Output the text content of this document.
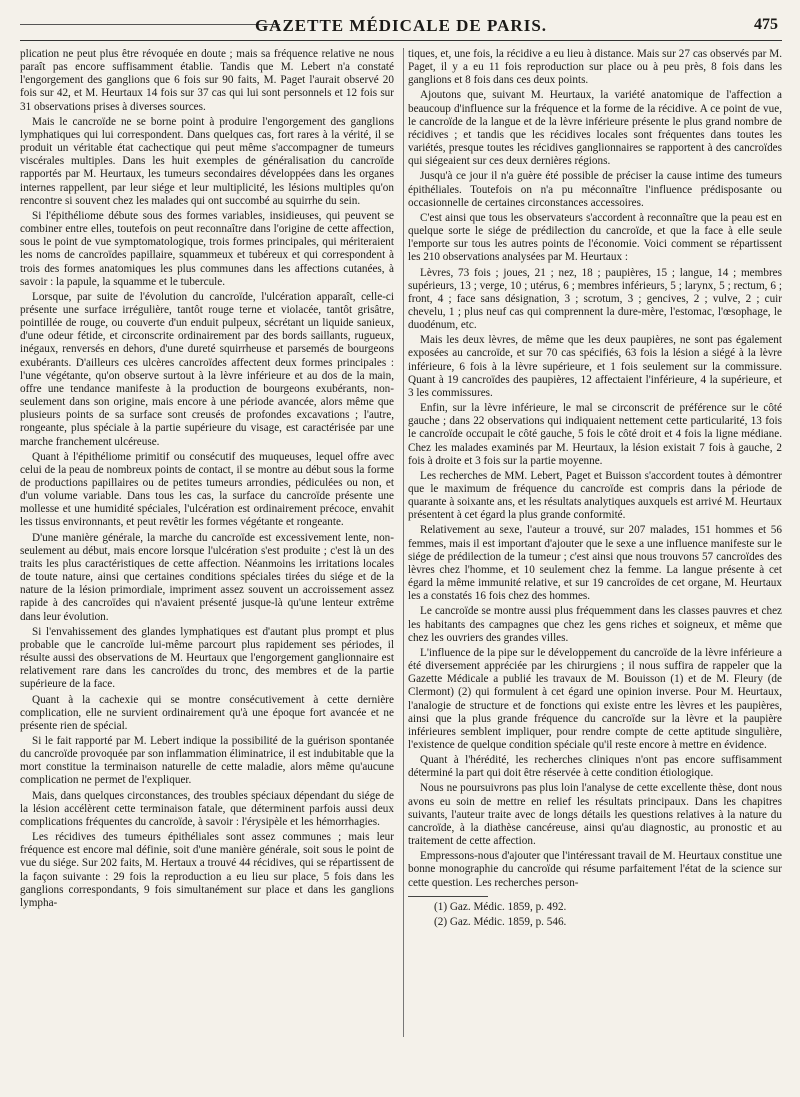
GAZETTE MÉDICALE DE PARIS.	475

plication ne peut plus être révoquée en doute ; mais sa fréquence relative ne nous paraît pas encore suffisamment établie. Tandis que M. Lebert n'a constaté l'engorgement des ganglions que 6 fois sur 90 faits, M. Paget l'aurait observé 20 fois sur 42, et M. Heurtaux 14 fois sur 37 cas qui lui sont personnels et 12 fois sur 31 observations prises à diverses sources.

Mais le cancroïde ne se borne point à produire l'engorgement des ganglions lymphatiques qui lui correspondent. Dans quelques cas, fort rares à la vérité, il se produit un véritable état cachectique qui peut même s'accompagner de tumeurs viscérales multiples. Dans les huit exemples de généralisation du cancroïde rapportés par M. Heurtaux, les tumeurs secondaires développées dans les organes internes rappellent, par leur siége et leur multiplicité, les lésions multiples qu'on rencontre si souvent chez les malades qui ont succombé au squirrhe du sein.

Si l'épithéliome débute sous des formes variables, insidieuses, qui peuvent se combiner entre elles, toutefois on peut reconnaître dans l'origine de cette affection, sous le point de vue symptomatologique, trois formes principales, qui mériteraient les noms de cancroïdes papillaire, squammeux et tubéreux et qui correspondent à trois des formes anatomiques les plus communes dans les affections cutanées, à savoir : la papule, la squamme et le tubercule.

Lorsque, par suite de l'évolution du cancroïde, l'ulcération apparaît, celle-ci présente une surface irrégulière, tantôt rouge terne et violacée, tantôt grisâtre, pointillée de rouge, ou couverte d'un enduit pulpeux, sécrétant un liquide sanieux, d'une odeur fétide, et circonscrite ordinairement par des bords saillants, rugueux, inégaux, renversés en dehors, d'une dureté squirrheuse et parsemés de bourgeons exubérants. D'ailleurs ces ulcères cancroïdes affectent deux formes principales : l'une végétante, qu'on observe surtout à la lèvre inférieure et au dos de la main, offre une tendance manifeste à la production de bourgeons exubérants, non-seulement dans son origine, mais encore à une période avancée, alors même que plusieurs points de sa surface sont creusés de profondes excavations ; l'autre, rongeante, plus spéciale à la partie supérieure du visage, est caractérisée par une marche franchement ulcéreuse.

Quant à l'épithéliome primitif ou consécutif des muqueuses, lequel offre avec celui de la peau de nombreux points de contact, il se montre au début sous la forme de productions papillaires ou de petites tumeurs arrondies, pédiculées ou non, et d'un volume variable. Dans tous les cas, la surface du cancroïde présente une mollesse et une humidité spéciales, l'ulcération est ordinairement précoce, envahit les tissus environnants, et peut revêtir les formes végétante et rongeante.

D'une manière générale, la marche du cancroïde est excessivement lente, non-seulement au début, mais encore lorsque l'ulcération s'est produite ; c'est là un des traits les plus caractéristiques de cette affection. Néanmoins les irritations locales de toute nature, ainsi que certaines conditions spéciales tirées du siége et de la nature de la lésion primordiale, impriment assez souvent un accroissement assez rapide à des cancroïdes qui n'avaient présenté jusque-là qu'une lenteur extrême dans leur évolution.

Si l'envahissement des glandes lymphatiques est d'autant plus prompt et plus probable que le cancroïde lui-même parcourt plus rapidement ses périodes, il résulte aussi des observations de M. Heurtaux que l'engorgement ganglionnaire est relativement rare dans les cancroïdes du tronc, des membres et de la partie supérieure de la face.

Quant à la cachexie qui se montre consécutivement à cette dernière complication, elle ne survient ordinairement qu'à une époque fort avancée et ne présente rien de spécial.

Si le fait rapporté par M. Lebert indique la possibilité de la guérison spontanée du cancroïde provoquée par son inflammation éliminatrice, il est indubitable que la mort constitue la terminaison naturelle de cette maladie, alors même qu'aucune complication ne permet de l'expliquer.

Mais, dans quelques circonstances, des troubles spéciaux dépendant du siége de la lésion accélèrent cette terminaison fatale, que déterminent parfois aussi deux complications fréquentes du cancroïde, à savoir : l'érysipèle et les hémorrhagies.

Les récidives des tumeurs épithéliales sont assez communes ; mais leur fréquence est encore mal définie, soit d'une manière générale, soit sous le point de vue du siége. Sur 202 faits, M. Hertaux a trouvé 44 récidives, qui se répartissent de la façon suivante : 29 fois la reproduction a eu lieu sur place, 5 fois dans les ganglions correspondants, 9 fois simultanément sur place et dans les ganglions lympha-

tiques, et, une fois, la récidive a eu lieu à distance. Mais sur 27 cas observés par M. Paget, il y a eu 11 fois reproduction sur place ou à peu près, 8 fois dans les ganglions et 8 fois dans ces deux points.

Ajoutons que, suivant M. Heurtaux, la variété anatomique de l'affection a beaucoup d'influence sur la fréquence et la forme de la récidive. A ce point de vue, le cancroïde de la langue et de la lèvre inférieure présente le plus grand nombre de récidives ; et tandis que les récidives locales sont fréquentes dans toutes les variétés, presque toutes les récidives ganglionnaires se rapportent à des cancroïdes qui siégeaient sur ces deux dernières régions.

Jusqu'à ce jour il n'a guère été possible de préciser la cause intime des tumeurs épithéliales. Toutefois on n'a pu méconnaître l'influence prédisposante ou occasionnelle de certaines circonstances accessoires.

C'est ainsi que tous les observateurs s'accordent à reconnaître que la peau est en quelque sorte le siége de prédilection du cancroïde, et que la face à elle seule l'emporte sur tous les autres points de l'économie. Voici comment se répartissent les 210 observations analysées par M. Heurtaux :

Lèvres, 73 fois ; joues, 21 ; nez, 18 ; paupières, 15 ; langue, 14 ; membres supérieurs, 13 ; verge, 10 ; utérus, 6 ; membres inférieurs, 5 ; larynx, 5 ; rectum, 6 ; front, 4 ; face sans désignation, 3 ; scrotum, 3 ; gencives, 2 ; vulve, 2 ; cuir chevelu, 1 ; plus neuf cas qui comprennent la dure-mère, l'estomac, l'œsophage, le duodénum, etc.

Mais les deux lèvres, de même que les deux paupières, ne sont pas également exposées au cancroïde, et sur 70 cas spécifiés, 63 fois la lésion a siégé à la lèvre inférieure, 6 fois à la lèvre supérieure, et 1 fois seulement sur la commissure. Quant à 19 cancroïdes des paupières, 12 affectaient l'inférieure, 4 la supérieure, et 3 les commissures.

Enfin, sur la lèvre inférieure, le mal se circonscrit de préférence sur le côté gauche ; dans 22 observations qui indiquaient nettement cette particularité, 13 fois le cancroïde occupait le côté gauche, 5 fois le côté droit et 4 fois la ligne médiane. Chez les malades examinés par M. Heurtaux, la lésion existait 7 fois à gauche, 2 fois à droite et 3 fois sur la partie moyenne.

Les recherches de MM. Lebert, Paget et Buisson s'accordent toutes à démontrer que le maximum de fréquence du cancroïde est compris dans la période de quarante à soixante ans, et les résultats analytiques auxquels est arrivé M. Heurtaux présentent à cet égard la plus grande conformité.

Relativement au sexe, l'auteur a trouvé, sur 207 malades, 151 hommes et 56 femmes, mais il est important d'ajouter que le sexe a une influence manifeste sur le siége de prédilection de la tumeur ; c'est ainsi que nous trouvons 57 cancroïdes des lèvres chez l'homme, et 10 seulement chez la femme. La langue présente à cet égard la même immunité relative, et sur 19 cancroïdes de cet organe, M. Heurtaux les a constatés 16 fois chez des hommes.

Le cancroïde se montre aussi plus fréquemment dans les classes pauvres et chez les habitants des campagnes que chez les gens riches et soigneux, et même que chez les ouvriers des grandes villes.

L'influence de la pipe sur le développement du cancroïde de la lèvre inférieure a été diversement appréciée par les chirurgiens ; il nous suffira de rappeler que la Gazette Médicale a publié les travaux de M. Bouisson (1) et de M. Fleury (de Clermont) (2) qui formulent à cet égard une opinion inverse. Pour M. Heurtaux, l'analogie de structure et de fonctions qui existe entre les lèvres et les paupières, ainsi que la plus grande fréquence du cancroïde sur la lèvre et la paupière inférieures semblent impliquer, pour rendre compte de cette aptitude singulière, l'existence de quelque condition spéciale qu'il reste encore à mettre en évidence.

Quant à l'hérédité, les recherches cliniques n'ont pas encore suffisamment déterminé la part qui doit être réservée à cette condition étiologique.

Nous ne poursuivrons pas plus loin l'analyse de cette excellente thèse, dont nous avons eu soin de mettre en relief les résultats principaux. Dans les chapitres suivants, l'auteur traite avec de longs détails les questions relatives à la nature du cancroïde, à la diathèse cancéreuse, ainsi qu'au diagnostic, au pronostic et au traitement de cette affection.

Empressons-nous d'ajouter que l'intéressant travail de M. Heurtaux constitue une bonne monographie du cancroïde qui résume parfaitement l'état de la science sur cette question. Les recherches person-

(1) Gaz. Médic. 1859, p. 492.

(2) Gaz. Médic. 1859, p. 546.
